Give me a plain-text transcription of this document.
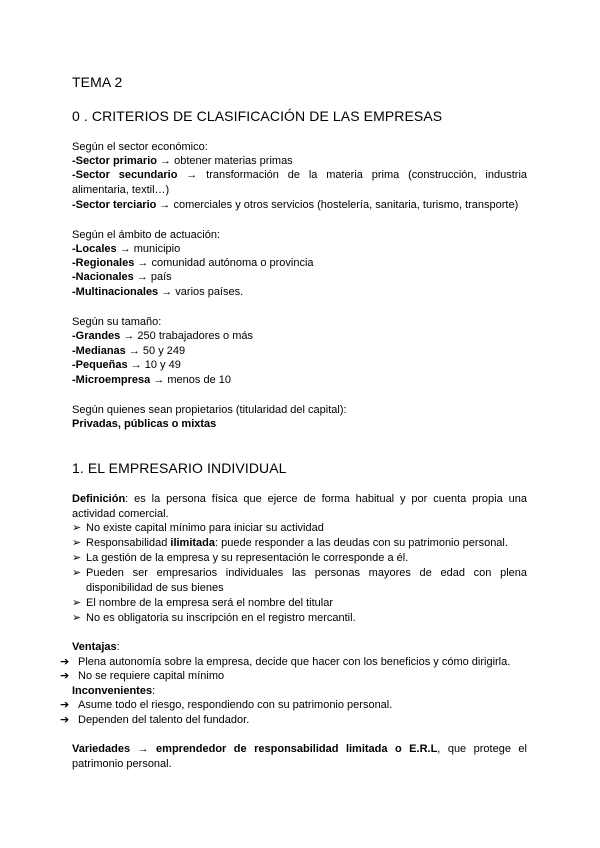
TEMA 2
0 . CRITERIOS DE CLASIFICACIÓN DE LAS EMPRESAS
Según el sector económico:
-Sector primario → obtener materias primas
-Sector secundario → transformación de la materia prima (construcción, industria alimentaria, textil…)
-Sector terciario → comerciales y otros servicios (hostelería, sanitaria, turismo, transporte)
Según el ámbito de actuación:
-Locales → municipio
-Regionales → comunidad autónoma o provincia
-Nacionales → país
-Multinacionales → varios países.
Según su tamaño:
-Grandes → 250 trabajadores o más
-Medianas → 50 y 249
-Pequeñas → 10 y 49
-Microempresa → menos de 10
Según quienes sean propietarios (titularidad del capital):
Privadas, públicas o mixtas
1. EL EMPRESARIO INDIVIDUAL
Definición: es la persona física que ejerce de forma habitual y por cuenta propia una actividad comercial.
➢ No existe capital mínimo para iniciar su actividad
➢ Responsabilidad ilimitada: puede responder a las deudas con su patrimonio personal.
➢ La gestión de la empresa y su representación le corresponde a él.
➢ Pueden ser empresarios individuales las personas mayores de edad con plena disponibilidad de sus bienes
➢ El nombre de la empresa será el nombre del titular
➢ No es obligatoria su inscripción en el registro mercantil.
Ventajas:
➔ Plena autonomía sobre la empresa, decide que hacer con los beneficios y cómo dirigirla.
➔ No se requiere capital mínimo
Inconvenientes:
➔ Asume todo el riesgo, respondiendo con su patrimonio personal.
➔ Dependen del talento del fundador.
Variedades → emprendedor de responsabilidad limitada o E.R.L, que protege el patrimonio personal.
